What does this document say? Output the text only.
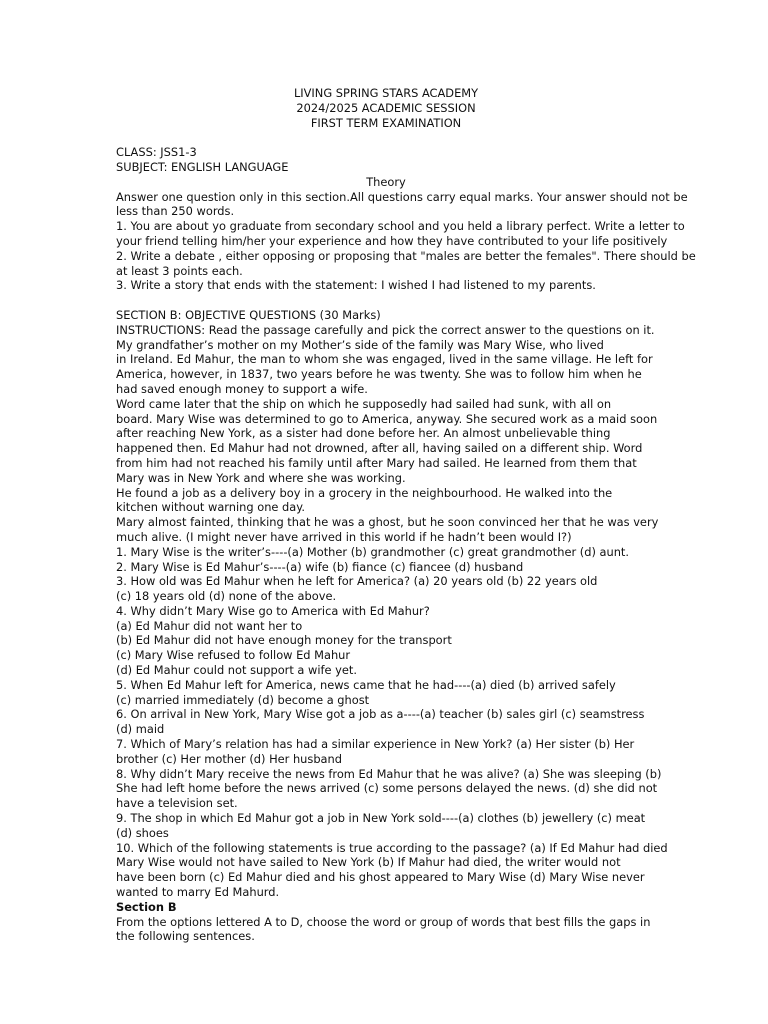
LIVING SPRING STARS ACADEMY
2024/2025 ACADEMIC SESSION
FIRST TERM EXAMINATION
CLASS: JSS1-3
SUBJECT: ENGLISH LANGUAGE
Theory
Answer one question only in this section.All questions carry equal marks. Your answer should not be
less than 250 words.
1. You are about yo graduate from secondary school and you held a library perfect. Write a letter to
your friend telling him/her your experience and how they have contributed to your life positively
2. Write a debate , either opposing or proposing that "males are better the females". There should be
at least 3 points each.
3. Write a story that ends with the statement: I wished I had listened to my parents.
SECTION B: OBJECTIVE QUESTIONS (30 Marks)
INSTRUCTIONS: Read the passage carefully and pick the correct answer to the questions on it.
My grandfather’s mother on my Mother’s side of the family was Mary Wise, who lived
in Ireland. Ed Mahur, the man to whom she was engaged, lived in the same village. He left for
America, however, in 1837, two years before he was twenty. She was to follow him when he
had saved enough money to support a wife.
Word came later that the ship on which he supposedly had sailed had sunk, with all on
board. Mary Wise was determined to go to America, anyway. She secured work as a maid soon
after reaching New York, as a sister had done before her. An almost unbelievable thing
happened then. Ed Mahur had not drowned, after all, having sailed on a different ship. Word
from him had not reached his family until after Mary had sailed. He learned from them that
Mary was in New York and where she was working.
He found a job as a delivery boy in a grocery in the neighbourhood. He walked into the
kitchen without warning one day.
Mary almost fainted, thinking that he was a ghost, but he soon convinced her that he was very
much alive. (I might never have arrived in this world if he hadn’t been would I?)
1. Mary Wise is the writer’s----(a) Mother (b) grandmother (c) great grandmother (d) aunt.
2. Mary Wise is Ed Mahur’s----(a) wife (b) fiance (c) fiancee (d) husband
3. How old was Ed Mahur when he left for America? (a) 20 years old (b) 22 years old
(c) 18 years old (d) none of the above.
4. Why didn’t Mary Wise go to America with Ed Mahur?
(a) Ed Mahur did not want her to
(b) Ed Mahur did not have enough money for the transport
(c) Mary Wise refused to follow Ed Mahur
(d) Ed Mahur could not support a wife yet.
5. When Ed Mahur left for America, news came that he had----(a) died (b) arrived safely
(c) married immediately (d) become a ghost
6. On arrival in New York, Mary Wise got a job as a----(a) teacher (b) sales girl (c) seamstress
(d) maid
7. Which of Mary’s relation has had a similar experience in New York? (a) Her sister (b) Her
brother (c) Her mother (d) Her husband
8. Why didn’t Mary receive the news from Ed Mahur that he was alive? (a) She was sleeping (b)
She had left home before the news arrived (c) some persons delayed the news. (d) she did not
have a television set.
9. The shop in which Ed Mahur got a job in New York sold----(a) clothes (b) jewellery (c) meat
(d) shoes
10. Which of the following statements is true according to the passage? (a) If Ed Mahur had died
Mary Wise would not have sailed to New York (b) If Mahur had died, the writer would not
have been born (c) Ed Mahur died and his ghost appeared to Mary Wise (d) Mary Wise never
wanted to marry Ed Mahurd.
Section B
From the options lettered A to D, choose the word or group of words that best fills the gaps in
the following sentences.
